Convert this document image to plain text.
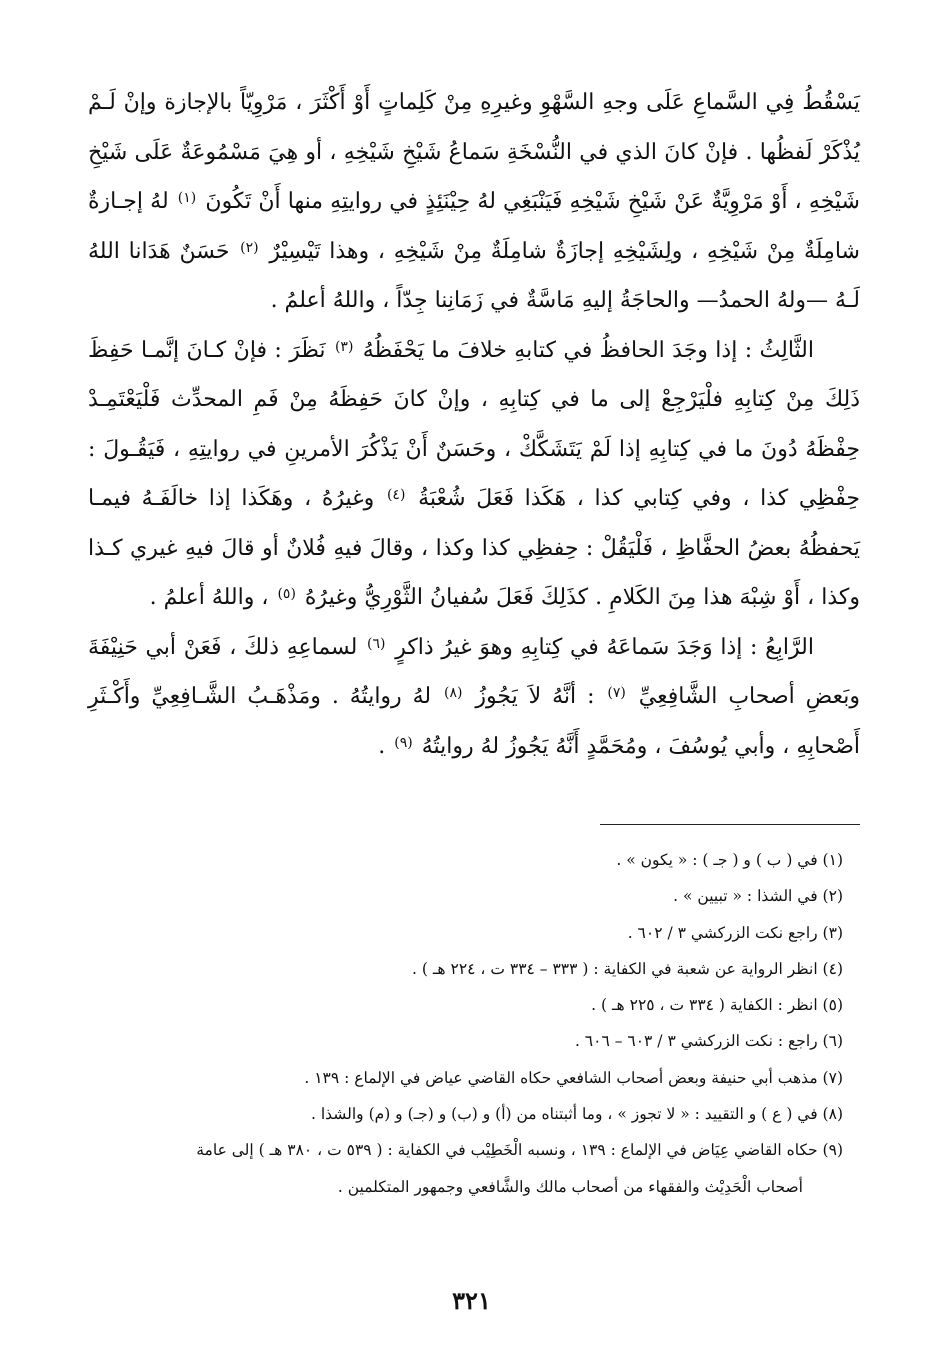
يَسْقُطُ فِي السَّماعِ عَلَى وجهِ السَّهْوِ وغيرِهِ مِنْ كَلِماتٍ أَوْ أَكْثَرَ ، مَرْوِيّاً بالإجازة وإنْ لَـمْ يُذْكَرْ لَفظُها . فإنْ كانَ الذي في النُّسْخَةِ سَماعُ شَيْخِ شَيْخِهِ ، أو هِيَ مَسْمُوعَةٌ عَلَى شَيْخِ شَيْخِهِ ، أَوْ مَرْوِيَّةٌ عَنْ شَيْخِ شَيْخِهِ فَيَنْبَغِي لهُ حِيْنَئِذٍ في روايتِهِ منها أَنْ تَكُونَ $^{(١)}$ لهُ إجـازةٌ شامِلَةٌ مِنْ شَيْخِهِ ، ولِشَيْخِهِ إجازَةٌ شامِلَةٌ مِنْ شَيْخِهِ ، وهذا تَيْسِيْرٌ $^{(٢)}$ حَسَنٌ هَدَانا اللهُ لَـهُ —ولهُ الحمدُ— والحاجَةُ إليهِ مَاسَّةٌ في زَمَانِنا جِدّاً ، واللهُ أعلمُ .

الثَّالِثُ : إذا وجَدَ الحافظُ في كتابهِ خلافَ ما يَحْفَظُهُ $^{(٣)}$ نَظَرَ : فإنْ كـانَ إنَّمـا حَفِظَ ذَلِكَ مِنْ كِتابِهِ فلْيَرْجِعْ إلى ما في كِتابِهِ ، وإنْ كانَ حَفِظَهُ مِنْ فَمِ المحدِّث فَلْيَعْتَمِـدْ حِفْظَهُ دُونَ ما في كِتابِهِ إذا لَمْ يَتَشَكَّكْ ، وحَسَنٌ أَنْ يَذْكُرَ الأمرينِ في روايتِهِ ، فَيَقُـولَ : حِفْظِي كذا ، وفي كِتابي كذا ، هَكَذا فَعَلَ شُعْبَةُ $^{(٤)}$ وغيرُهُ ، وهَكَذا إذا خالَفَـهُ فيمـا يَحفظُهُ بعضُ الحفَّاظِ ، فَلْيَقُلْ : حِفظِي كذا وكذا ، وقالَ فيهِ فُلانٌ أو قالَ فيهِ غيري كـذا وكذا ، أَوْ شِبْهَ هذا مِنَ الكَلامِ . كذَلِكَ فَعَلَ سُفيانُ الثَّوْرِيُّ وغيرُهُ $^{(٥)}$ ، واللهُ أعلمُ .

الرَّابِعُ : إذا وَجَدَ سَماعَهُ في كِتابِهِ وهوَ غيرُ ذاكرٍ $^{(٦)}$ لسماعِهِ ذلكَ ، فَعَنْ أبي حَنِيْفَةَ وبَعضِ أصحابِ الشَّافِعِيِّ $^{(٧)}$ : أنَّهُ لاَ يَجُوزُ $^{(٨)}$ لهُ روايتُهُ . ومَذْهَـبُ الشَّـافِعِيِّ وأَكْـثَرِ أَصْحابِهِ ، وأبي يُوسُفَ ، ومُحَمَّدٍ أَنَّهُ يَجُوزُ لهُ روايتُهُ $^{(٩)}$ .

(١) في ( ب ) و ( جـ ) : « يكون » .

(٢) في الشذا : « تبيين » .

(٣) راجع نكت الزركشي ٣ / ٦٠٢ .

(٤) انظر الرواية عن شعبة في الكفاية : ( ٣٣٣ – ٣٣٤ ت ، ٢٢٤ هـ ) .

(٥) انظر : الكفاية ( ٣٣٤ ت ، ٢٢٥ هـ ) .

(٦) راجع : نكت الزركشي ٣ / ٦٠٣ – ٦٠٦ .

(٧) مذهب أبي حنيفة وبعض أصحاب الشافعي حكاه القاضي عياض في الإلماع : ١٣٩ .

(٨) في ( ع ) و التقييد : « لا تجوز » ، وما أثبتناه من (أ) و (ب) و (جـ) و (م) والشذا .

(٩) حكاه القاضي عِيَاض في الإلماع : ١٣٩ ، ونسبه الْخَطِيْب في الكفاية : ( ٥٣٩ ت ، ٣٨٠ هـ ) إلى عامة
أصحاب الْحَدِيْث والفقهاء من أصحاب مالك والشَّافعي وجمهور المتكلمين .

٣٢١
